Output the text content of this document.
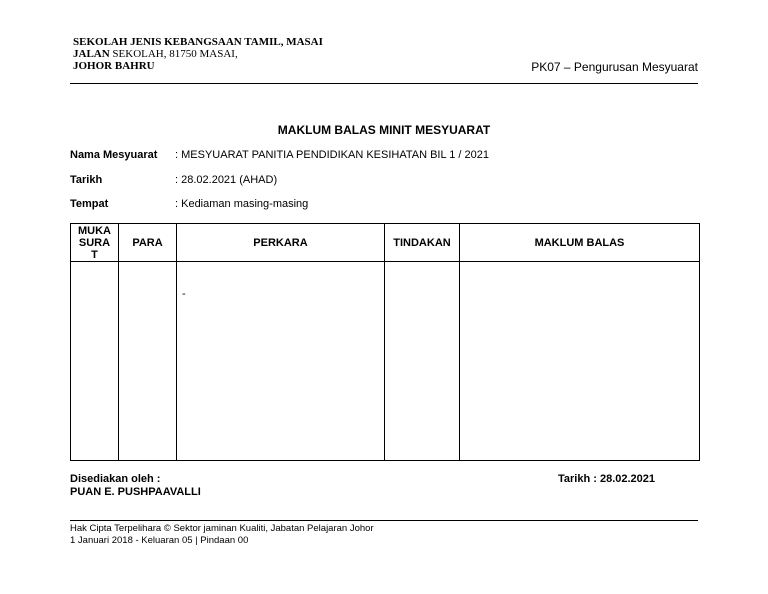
SEKOLAH JENIS KEBANGSAAN TAMIL, MASAI
JALAN SEKOLAH, 81750 MASAI,
JOHOR BAHRU	PK07 – Pengurusan Mesyuarat
MAKLUM BALAS MINIT MESYUARAT
Nama Mesyuarat : MESYUARAT PANITIA PENDIDIKAN KESIHATAN BIL 1 / 2021
Tarikh	: 28.02.2021 (AHAD)
Tempat	: Kediaman masing-masing
MUKA SURAT	PARA	PERKARA	TINDAKAN	MAKLUM BALAS

		-		

Disediakan oleh :
PUAN E. PUSHPAAVALLI
Tarikh : 28.02.2021
Hak Cipta Terpelihara © Sektor jaminan Kualiti, Jabatan Pelajaran Johor
1 Januari 2018 - Keluaran 05 | Pindaan 00
